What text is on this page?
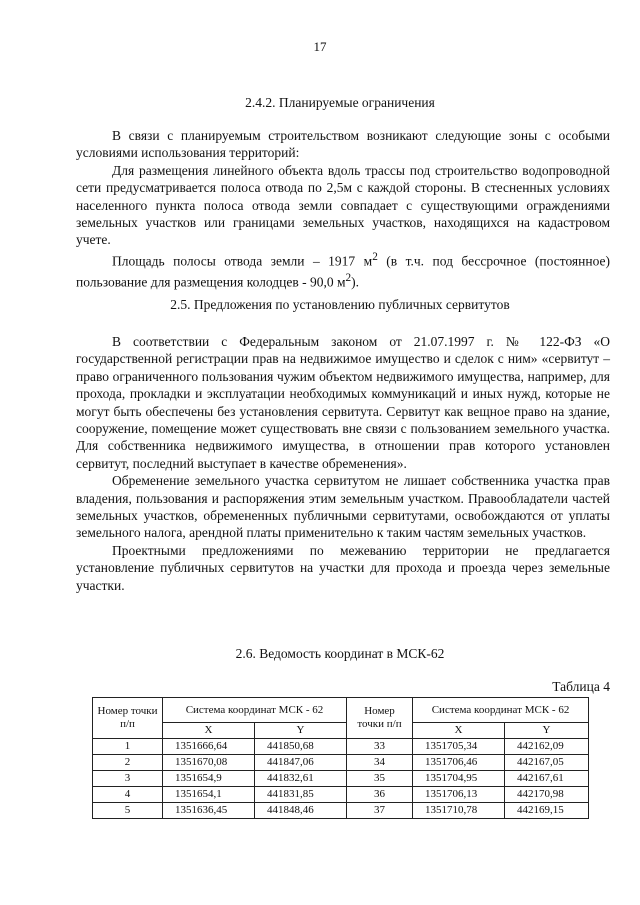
17
2.4.2. Планируемые ограничения

В связи с планируемым строительством возникают следующие зоны с особыми условиями использования территорий:

Для размещения линейного объекта вдоль трассы под строительство водопроводной сети предусматривается полоса отвода по 2,5м с каждой стороны. В стесненных условиях населенного пункта полоса отвода земли совпадает с существующими ограждениями земельных участков или границами земельных участков, находящихся на кадастровом учете.

Площадь полосы отвода земли – 1917 $м^2$ (в т.ч. под бессрочное (постоянное) пользование для размещения колодцев - 90,0 $м^2$).

2.5. Предложения по установлению публичных сервитутов

В соответствии с Федеральным законом от 21.07.1997 г. № 122-ФЗ «О государственной регистрации прав на недвижимое имущество и сделок с ним» «сервитут – право ограниченного пользования чужим объектом недвижимого имущества, например, для прохода, прокладки и эксплуатации необходимых коммуникаций и иных нужд, которые не могут быть обеспечены без установления сервитута. Сервитут как вещное право на здание, сооружение, помещение может существовать вне связи с пользованием земельного участка. Для собственника недвижимого имущества, в отношении прав которого установлен сервитут, последний выступает в качестве обременения».

Обременение земельного участка сервитутом не лишает собственника участка прав владения, пользования и распоряжения этим земельным участком. Правообладатели частей земельных участков, обремененных публичными сервитутами, освобождаются от уплаты земельного налога, арендной платы применительно к таким частям земельных участков.

Проектными предложениями по межеванию территории не предлагается установление публичных сервитутов на участки для прохода и проезда через земельные участки.

2.6. Ведомость координат в МСК-62
Таблица 4
Номер точки п/п	Система координат МСК - 62		Номер точки п/п	Система координат МСК - 62	
	X	Y		X	Y
1	1351666,64	441850,68	33	1351705,34	442162,09
2	1351670,08	441847,06	34	1351706,46	442167,05
3	1351654,9	441832,61	35	1351704,95	442167,61
4	1351654,1	441831,85	36	1351706,13	442170,98
5	1351636,45	441848,46	37	1351710,78	442169,15
